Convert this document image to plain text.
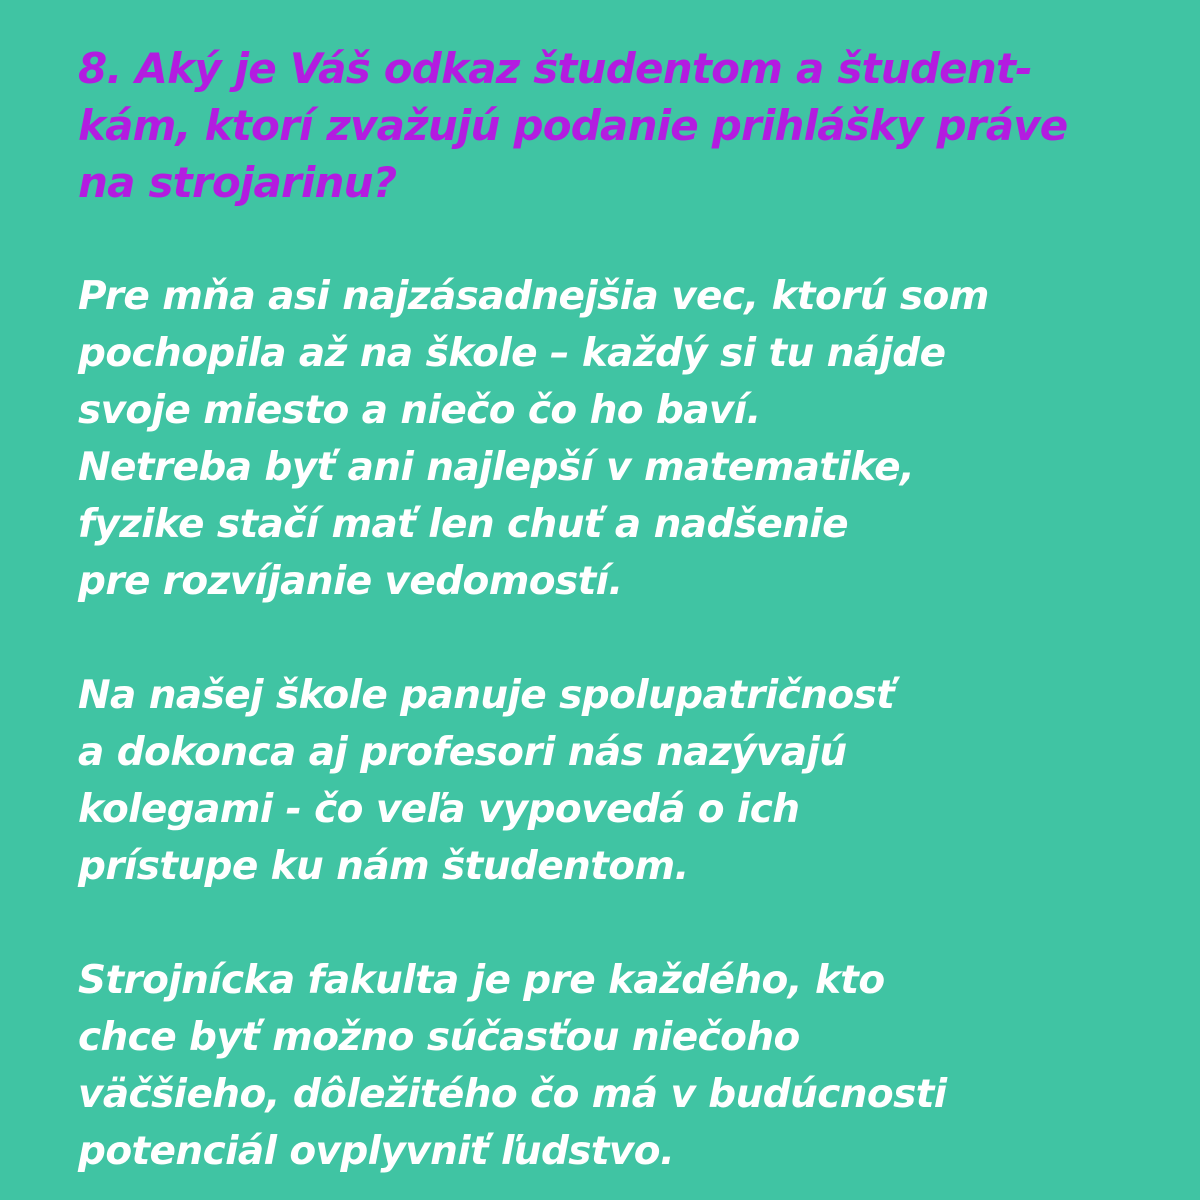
8. Aký je Váš odkaz študentom a študent-
kám, ktorí zvažujú podanie prihlášky práve
na strojarinu?

Pre mňa asi najzásadnejšia vec, ktorú som
pochopila až na škole – každý si tu nájde
svoje miesto a niečo čo ho baví.
Netreba byť ani najlepší v matematike,
fyzike stačí mať len chuť a nadšenie
pre rozvíjanie vedomostí.

Na našej škole panuje spolupatričnosť
a dokonca aj profesori nás nazývajú
kolegami - čo veľa vypovedá o ich
prístupe ku nám študentom.

Strojnícka fakulta je pre každého, kto
chce byť možno súčasťou niečoho
väčšieho, dôležitého čo má v budúcnosti
potenciál ovplyvniť ľudstvo.
